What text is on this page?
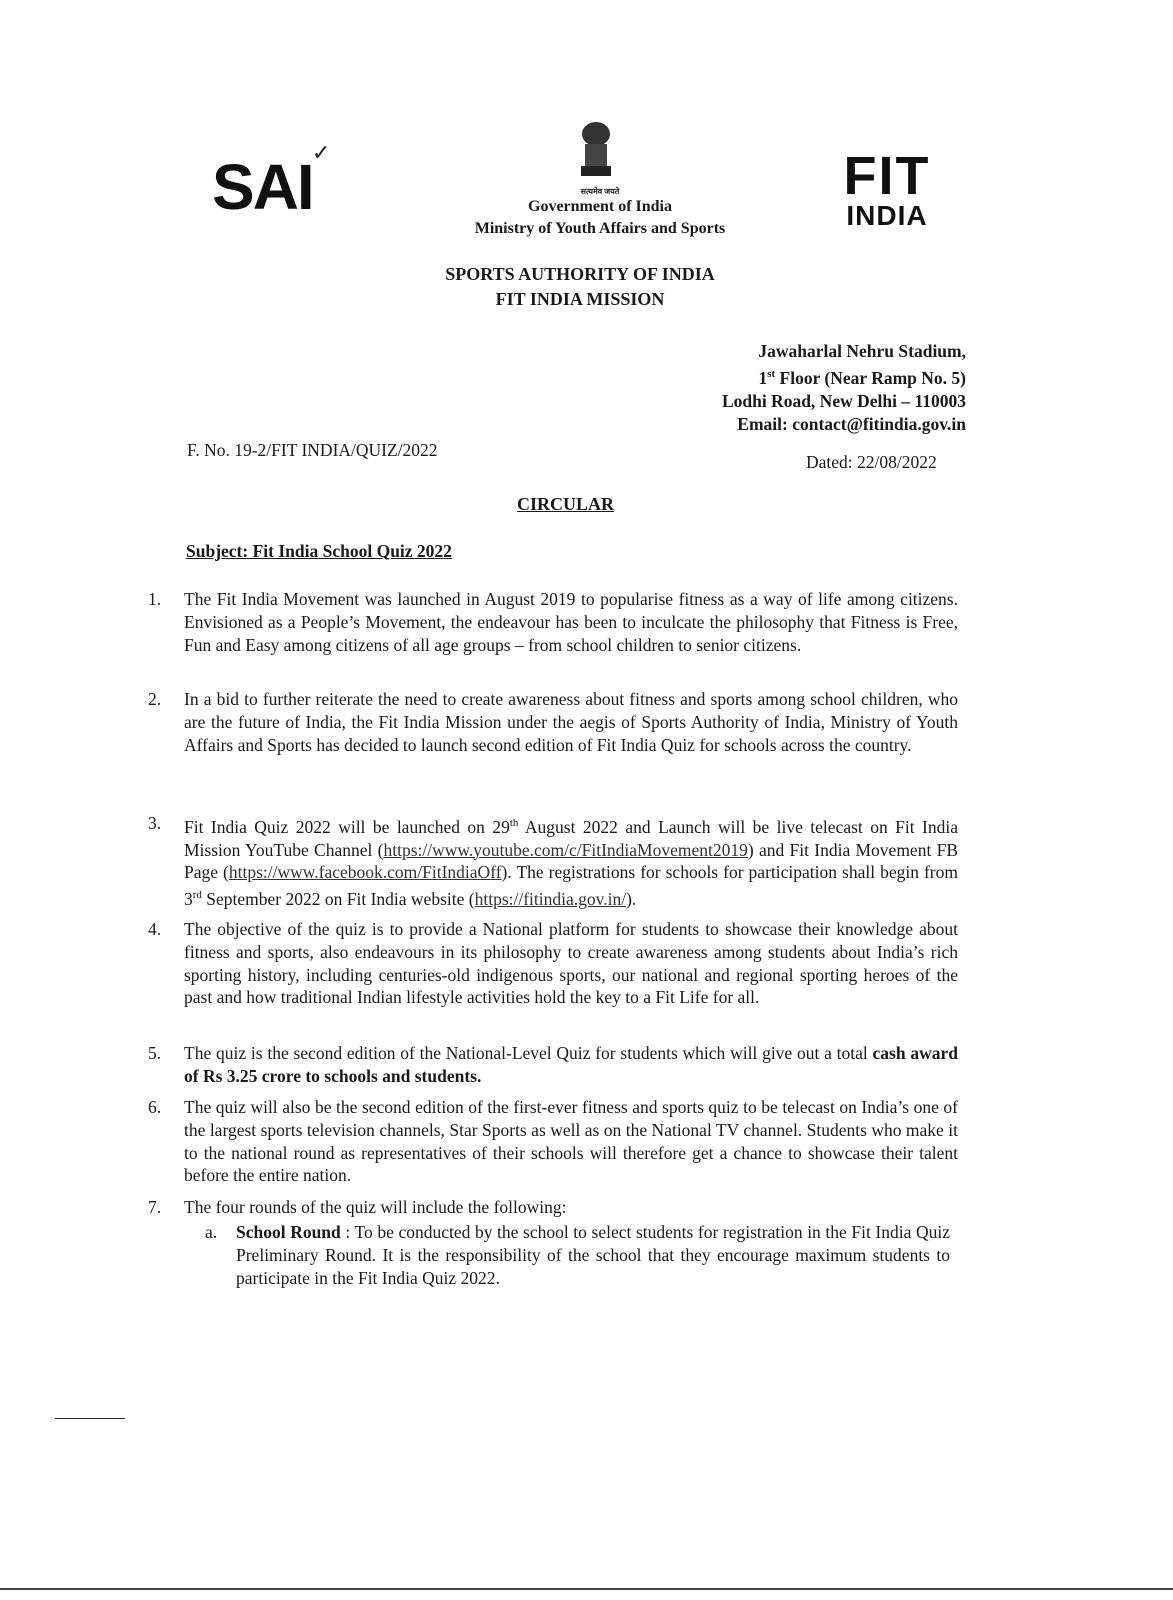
SAI ✓
सत्यमेव जयते
Government of India
Ministry of Youth Affairs and Sports
FIT
INDIA
SPORTS AUTHORITY OF INDIA
FIT INDIA MISSION
Jawaharlal Nehru Stadium,
1st Floor (Near Ramp No. 5)
Lodhi Road, New Delhi – 110003
Email: contact@fitindia.gov.in
F. No. 19-2/FIT INDIA/QUIZ/2022
Dated: 22/08/2022
CIRCULAR
Subject: Fit India School Quiz 2022
1. The Fit India Movement was launched in August 2019 to popularise fitness as a way of life among citizens. Envisioned as a People’s Movement, the endeavour has been to inculcate the philosophy that Fitness is Free, Fun and Easy among citizens of all age groups – from school children to senior citizens.
2. In a bid to further reiterate the need to create awareness about fitness and sports among school children, who are the future of India, the Fit India Mission under the aegis of Sports Authority of India, Ministry of Youth Affairs and Sports has decided to launch second edition of Fit India Quiz for schools across the country.
3. Fit India Quiz 2022 will be launched on 29th August 2022 and Launch will be live telecast on Fit India Mission YouTube Channel (https://www.youtube.com/c/FitIndiaMovement2019) and Fit India Movement FB Page (https://www.facebook.com/FitIndiaOff). The registrations for schools for participation shall begin from 3rd September 2022 on Fit India website (https://fitindia.gov.in/).
4. The objective of the quiz is to provide a National platform for students to showcase their knowledge about fitness and sports, also endeavours in its philosophy to create awareness among students about India’s rich sporting history, including centuries-old indigenous sports, our national and regional sporting heroes of the past and how traditional Indian lifestyle activities hold the key to a Fit Life for all.
5. The quiz is the second edition of the National-Level Quiz for students which will give out a total cash award of Rs 3.25 crore to schools and students.
6. The quiz will also be the second edition of the first-ever fitness and sports quiz to be telecast on India’s one of the largest sports television channels, Star Sports as well as on the National TV channel. Students who make it to the national round as representatives of their schools will therefore get a chance to showcase their talent before the entire nation.
7. The four rounds of the quiz will include the following:
a. School Round : To be conducted by the school to select students for registration in the Fit India Quiz Preliminary Round. It is the responsibility of the school that they encourage maximum students to participate in the Fit India Quiz 2022.
